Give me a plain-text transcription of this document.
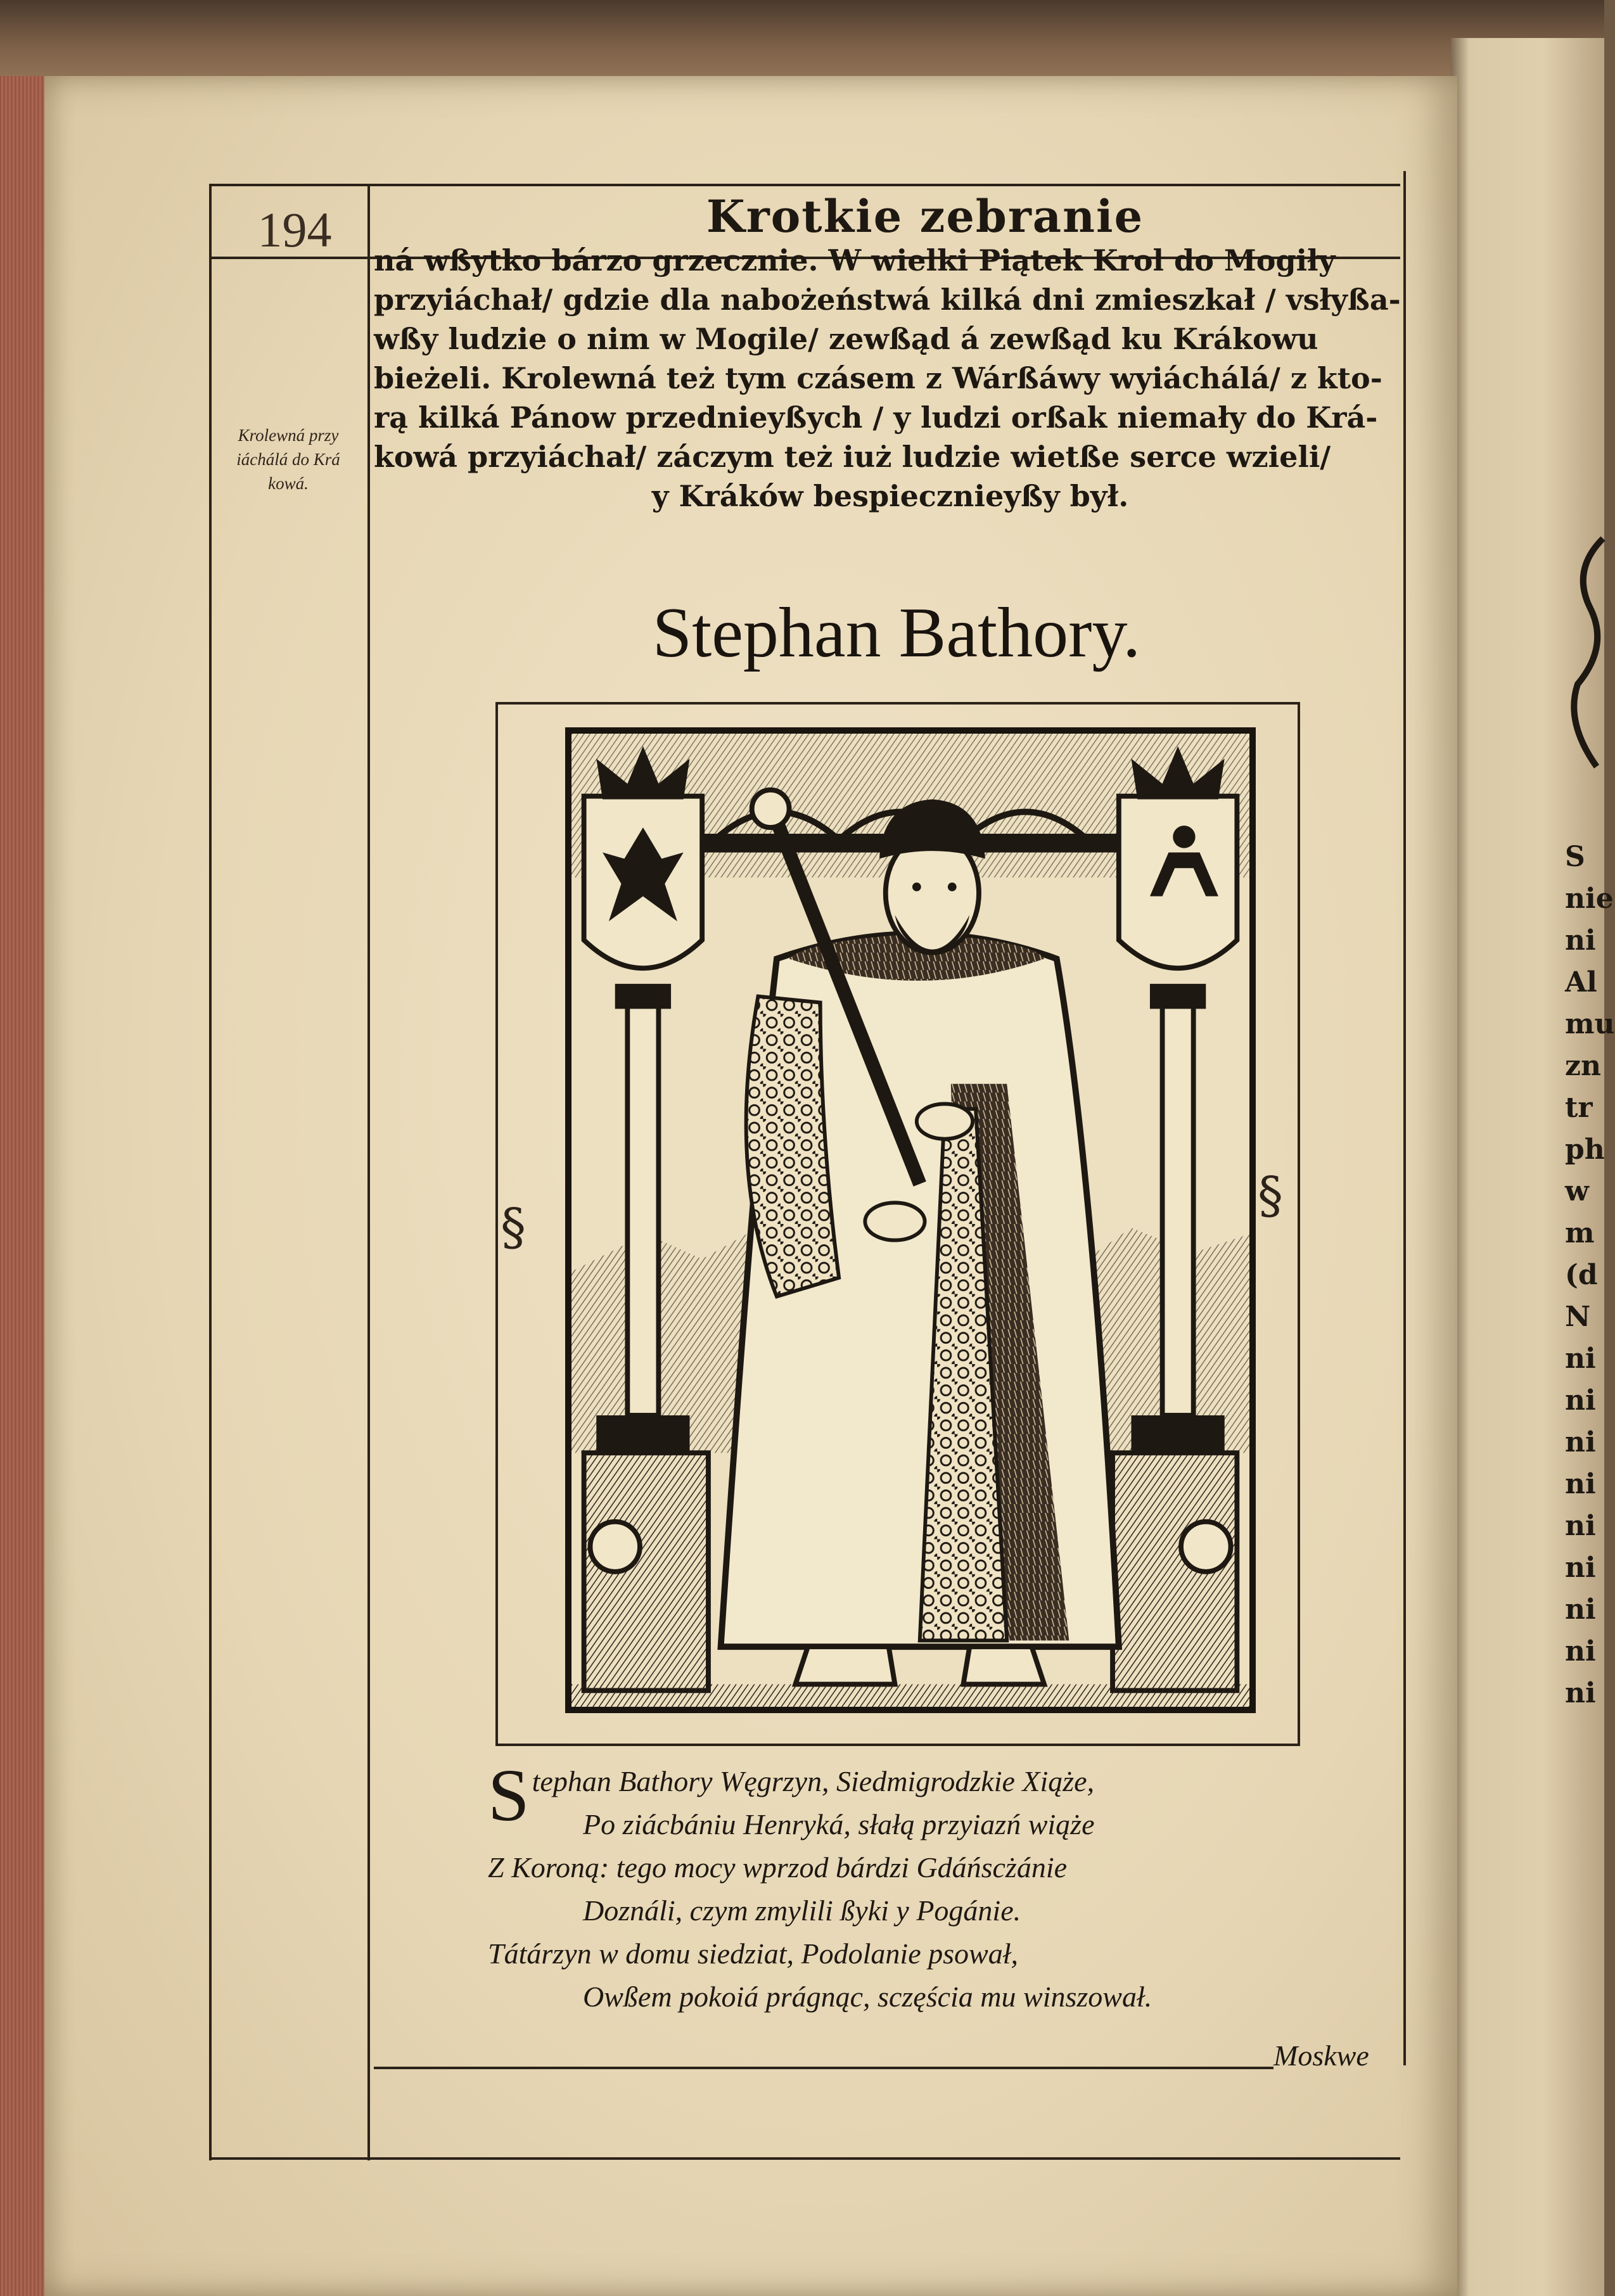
194	Krotkie zebranie
ná wßytko bárzo grzecznie. W wielki Piątek Krol do Mogiły
przyiáchał/ gdzie dla nabożeństwá kilká dni zmieszkał / vsłyßa-
wßy ludzie o nim w Mogile/ zewßąd á zewßąd ku Krákowu
bieżeli. Krolewná też tym czásem z Wárßáwy wyiáchálá/ z kto-
rą kilká Pánow przednieyßych / y ludzi orßak niemały do Krá-
kowá przyiáchał/ záczym też iuż ludzie wietße serce wzieli/
y Kráków bespiecznieyßy był.
Krolewná przy
iáchálá do Krá
kowá.
Stephan Bathory.
§
§
S tephan Bathory Węgrzyn, Siedmigrodzkie Xiąże,
Po ziácbániu Henryká, słałą przyiazń wiąże
Z Koroną: tego mocy wprzod bárdzi Gdáńscżánie
Doználi, czym zmylili ßyki y Pogánie.
Tátárzyn w domu siedziat, Podolanie psował,
Owßem pokoiá prágnąc, sczęścia mu winszował.
Moskwe
S
nie
ni
Al
mu
zn
tr
ph
w
m
(d
N
ni
ni
ni
ni
ni
ni
ni
ni
ni
